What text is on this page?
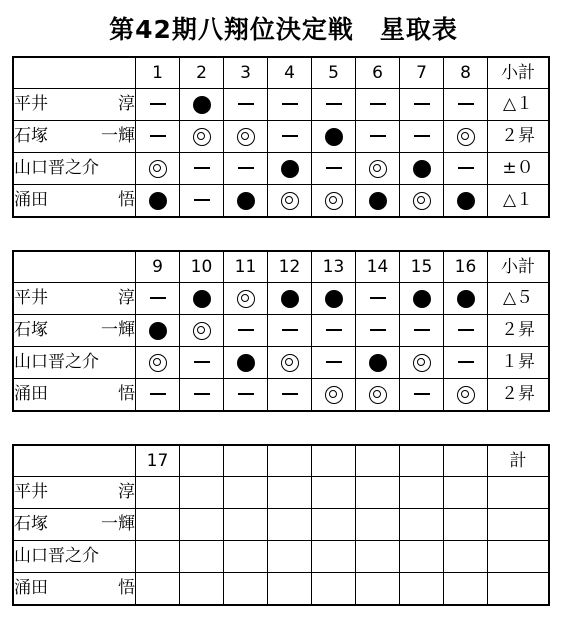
第42期八翔位決定戦　星取表
	1	2	3	4	5	6	7	8	小計

平井 淳									△１

石塚 一輝									２昇

山口晋之介									±０

涌田 悟									△１
	9	10	11	12	13	14	15	16	小計

平井 淳									△５

石塚 一輝									２昇

山口晋之介									１昇

涌田 悟									２昇
	17								計

平井 淳									

石塚 一輝									

山口晋之介									

涌田 悟									
